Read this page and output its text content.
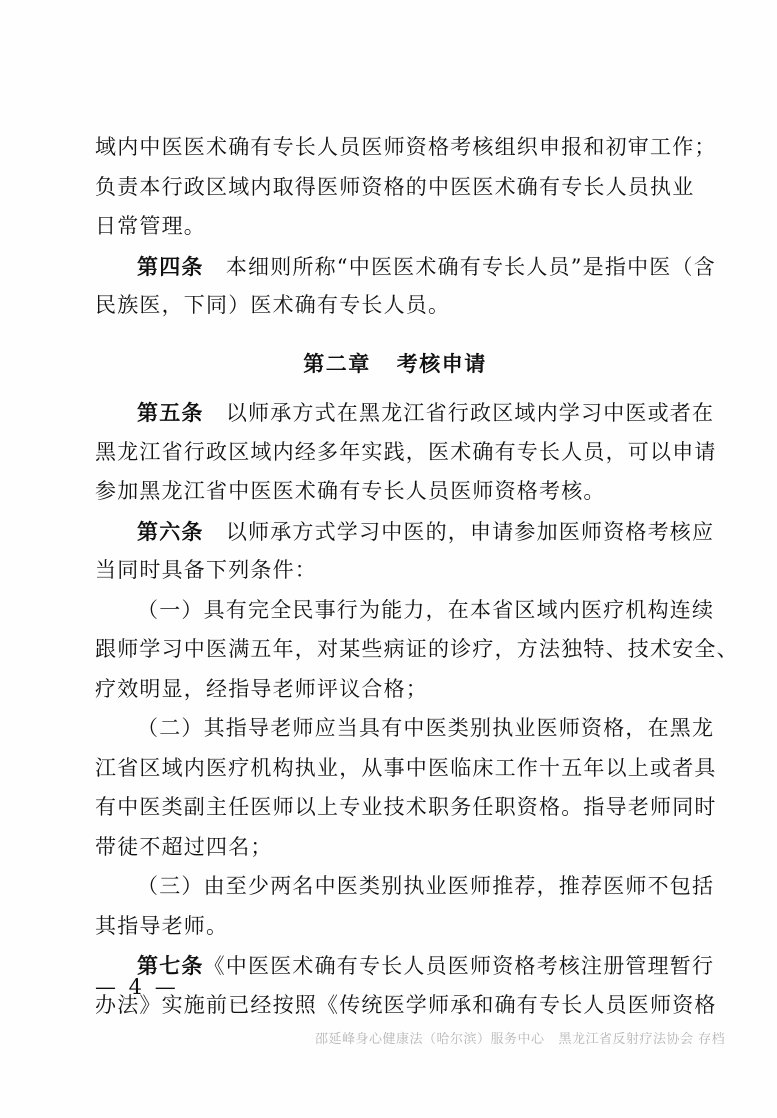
域内中医医术确有专长人员医师资格考核组织申报和初审工作；
负责本行政区域内取得医师资格的中医医术确有专长人员执业
日常管理。
第四条  本细则所称“中医医术确有专长人员”是指中医（含
民族医，下同）医术确有专长人员。
第二章 考核申请
第五条  以师承方式在黑龙江省行政区域内学习中医或者在
黑龙江省行政区域内经多年实践，医术确有专长人员，可以申请
参加黑龙江省中医医术确有专长人员医师资格考核。
第六条  以师承方式学习中医的，申请参加医师资格考核应
当同时具备下列条件：
（一）具有完全民事行为能力，在本省区域内医疗机构连续
跟师学习中医满五年，对某些病证的诊疗，方法独特、技术安全、
疗效明显，经指导老师评议合格；
（二）其指导老师应当具有中医类别执业医师资格，在黑龙
江省区域内医疗机构执业，从事中医临床工作十五年以上或者具
有中医类副主任医师以上专业技术职务任职资格。指导老师同时
带徒不超过四名；
（三）由至少两名中医类别执业医师推荐，推荐医师不包括
其指导老师。
第七条《中医医术确有专长人员医师资格考核注册管理暂行
办法》实施前已经按照《传统医学师承和确有专长人员医师资格
— 4 —
邵延峰身心健康法（哈尔滨）服务中心 黑龙江省反射疗法协会 存档
